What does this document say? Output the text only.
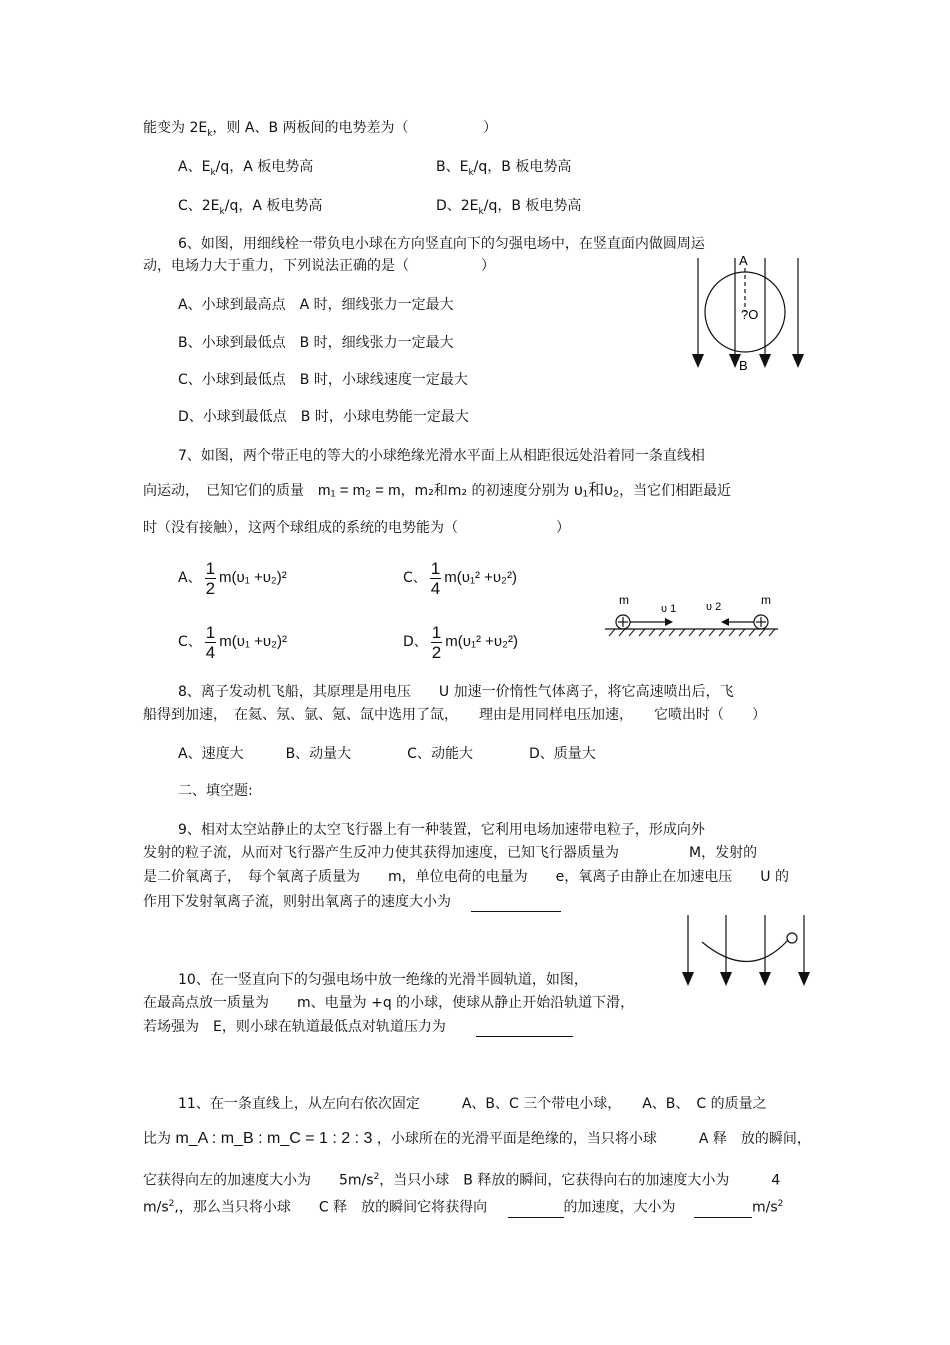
能变为 $2E_k$，则 A、B 两板间的电势差为（	）
A、$E_k/q$，A 板电势高	B、$E_k/q$，B 板电势高
C、$2E_k/q$，A 板电势高	D、$2E_k/q$，B 板电势高
6、如图，用细线栓一带负电小球在方向竖直向下的匀强电场中，在竖直面内做圆周运
动，电场力大于重力，下列说法正确的是（	）
A、小球到最高点　A 时，细线张力一定最大
B、小球到最低点　B 时，细线张力一定最大
C、小球到最低点　B 时，小球线速度一定最大
D、小球到最低点　B 时，小球电势能一定最大
A
?O
B
7、如图，两个带正电的等大的小球绝缘光滑水平面上从相距很远处沿着同一条直线相
向运动，　已知它们的质量　m₁ = m₂ = m，m₂和m₂ 的初速度分别为 υ₁和υ₂，当它们相距最近
时（没有接触），这两个球组成的系统的电势能为（	）
A、 $\frac{1}{2} m(\upsilon_1 +\upsilon_2)^2$	C、 $\frac{1}{4} m(\upsilon_1^2 +\upsilon_2^2)$
C、 $\frac{1}{4} m(\upsilon_1 +\upsilon_2)^2$	D、 $\frac{1}{2} m(\upsilon_1^2 +\upsilon_2^2)$
m	m
υ 1	υ 2
8、离子发动机飞船，其原理是用电压　　U 加速一价惰性气体离子，将它高速喷出后，飞
船得到加速，　在氦、氖、氩、氪、氙中选用了氙，　　理由是用同样电压加速，　　它喷出时（　　）
A、速度大　　　B、动量大　　　　C、动能大　　　　D、质量大
二、填空题:
9、相对太空站静止的太空飞行器上有一种装置，它利用电场加速带电粒子，形成向外
发射的粒子流，从而对飞行器产生反冲力使其获得加速度，已知飞行器质量为　　　　　M，发射的
是二价氧离子，　每个氧离子质量为　　m，单位电荷的电量为　　e，氧离子由静止在加速电压　　U 的
作用下发射氧离子流，则射出氧离子的速度大小为
10、在一竖直向下的匀强电场中放一绝缘的光滑半圆轨道，如图，
在最高点放一质量为　　m、电量为 +q 的小球，使球从静止开始沿轨道下滑，
若场强为　E，则小球在轨道最低点对轨道压力为
11、在一条直线上，从左向右依次固定　　　A、B、C 三个带电小球，　　A、B、　C 的质量之
比为 m_A : m_B : m_C = 1 : 2 : 3 ，小球所在的光滑平面是绝缘的，当只将小球　　　A 释　放的瞬间，
它获得向左的加速度大小为　　$5m/s^2$，当只小球　B 释放的瞬间，它获得向右的加速度大小为　　　4
$m/s^2$,，那么当只将小球　　C 释　放的瞬间它将获得向	的加速度，大小为	$m/s^2$
